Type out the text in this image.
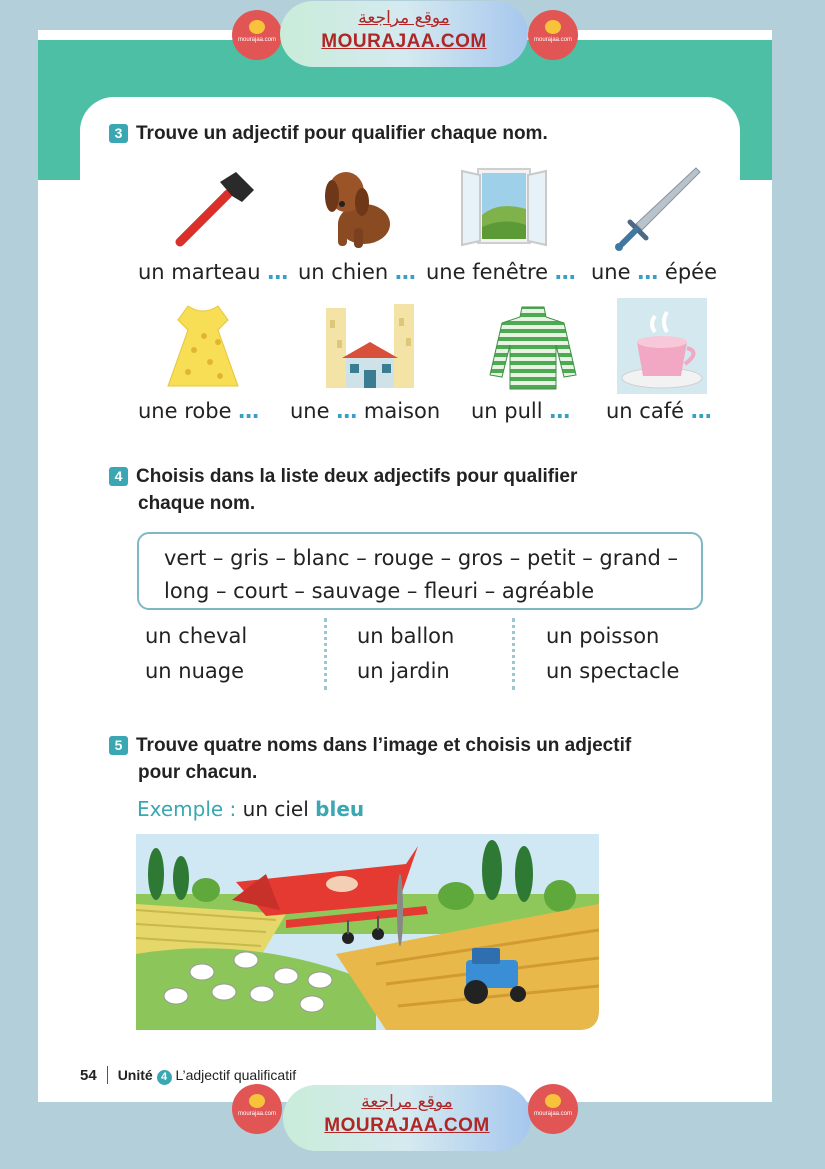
mourajaa.com
موقع مراجعة
MOURAJAA.COM	mourajaa.com
3 Trouve un adjectif pour qualifier chaque nom.
un marteau … un chien … une fenêtre … une … épée
une robe … une … maison un pull … un café …
4 Choisis dans la liste deux adjectifs pour qualifier
chaque nom.
vert – gris – blanc – rouge – gros – petit – grand –
long – court – sauvage – fleuri – agréable
un cheval	un ballon	un poisson
un nuage	un jardin	un spectacle
5 Trouve quatre noms dans l’image et choisis un adjectif
pour chacun.
Exemple : un ciel bleu
54 Unité 4 L’adjectif qualificatif
mourajaa.com
موقع مراجعة
MOURAJAA.COM
mourajaa.com
